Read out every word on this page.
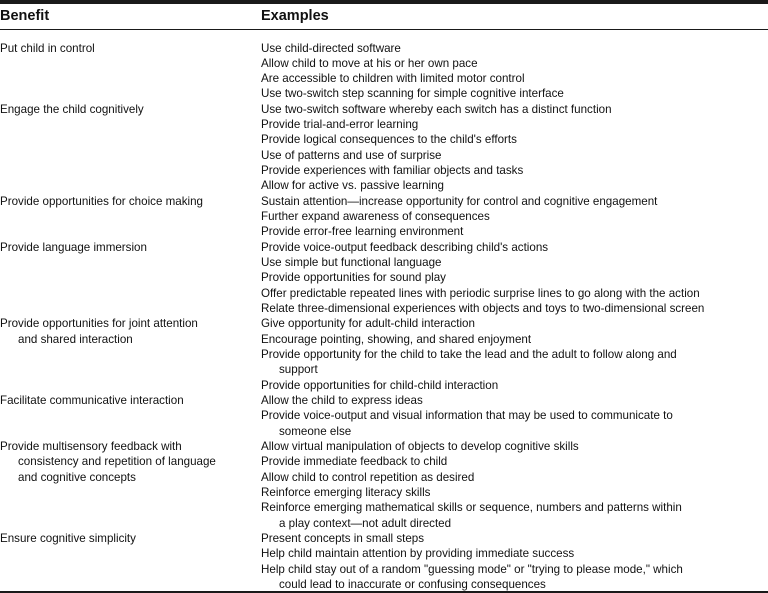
Benefit	Examples
Use child-directed software
Allow child to move at his or her own pace
Are accessible to children with limited motor control
Use two-switch step scanning for simple cognitive interface
Put child in control
Use two-switch software whereby each switch has a distinct function
Provide trial-and-error learning
Provide logical consequences to the child's efforts
Use of patterns and use of surprise
Provide experiences with familiar objects and tasks
Allow for active vs. passive learning
Engage the child cognitively
Sustain attention—increase opportunity for control and cognitive engagement
Further expand awareness of consequences
Provide error-free learning environment
Provide opportunities for choice making
Provide voice-output feedback describing child's actions
Use simple but functional language
Provide opportunities for sound play
Offer predictable repeated lines with periodic surprise lines to go along with the action
Relate three-dimensional experiences with objects and toys to two-dimensional screen
Provide language immersion
Give opportunity for adult-child interaction
Encourage pointing, showing, and shared enjoyment
Provide opportunity for the child to take the lead and the adult to follow along and
support
Provide opportunities for child-child interaction
Provide opportunities for joint attention
and shared interaction
Allow the child to express ideas
Provide voice-output and visual information that may be used to communicate to
someone else
Facilitate communicative interaction
Allow virtual manipulation of objects to develop cognitive skills
Provide immediate feedback to child
Allow child to control repetition as desired
Reinforce emerging literacy skills
Reinforce emerging mathematical skills or sequence, numbers and patterns within
a play context—not adult directed
Provide multisensory feedback with
consistency and repetition of language
and cognitive concepts
Present concepts in small steps
Help child maintain attention by providing immediate success
Help child stay out of a random "guessing mode" or "trying to please mode," which
could lead to inaccurate or confusing consequences
Ensure cognitive simplicity
